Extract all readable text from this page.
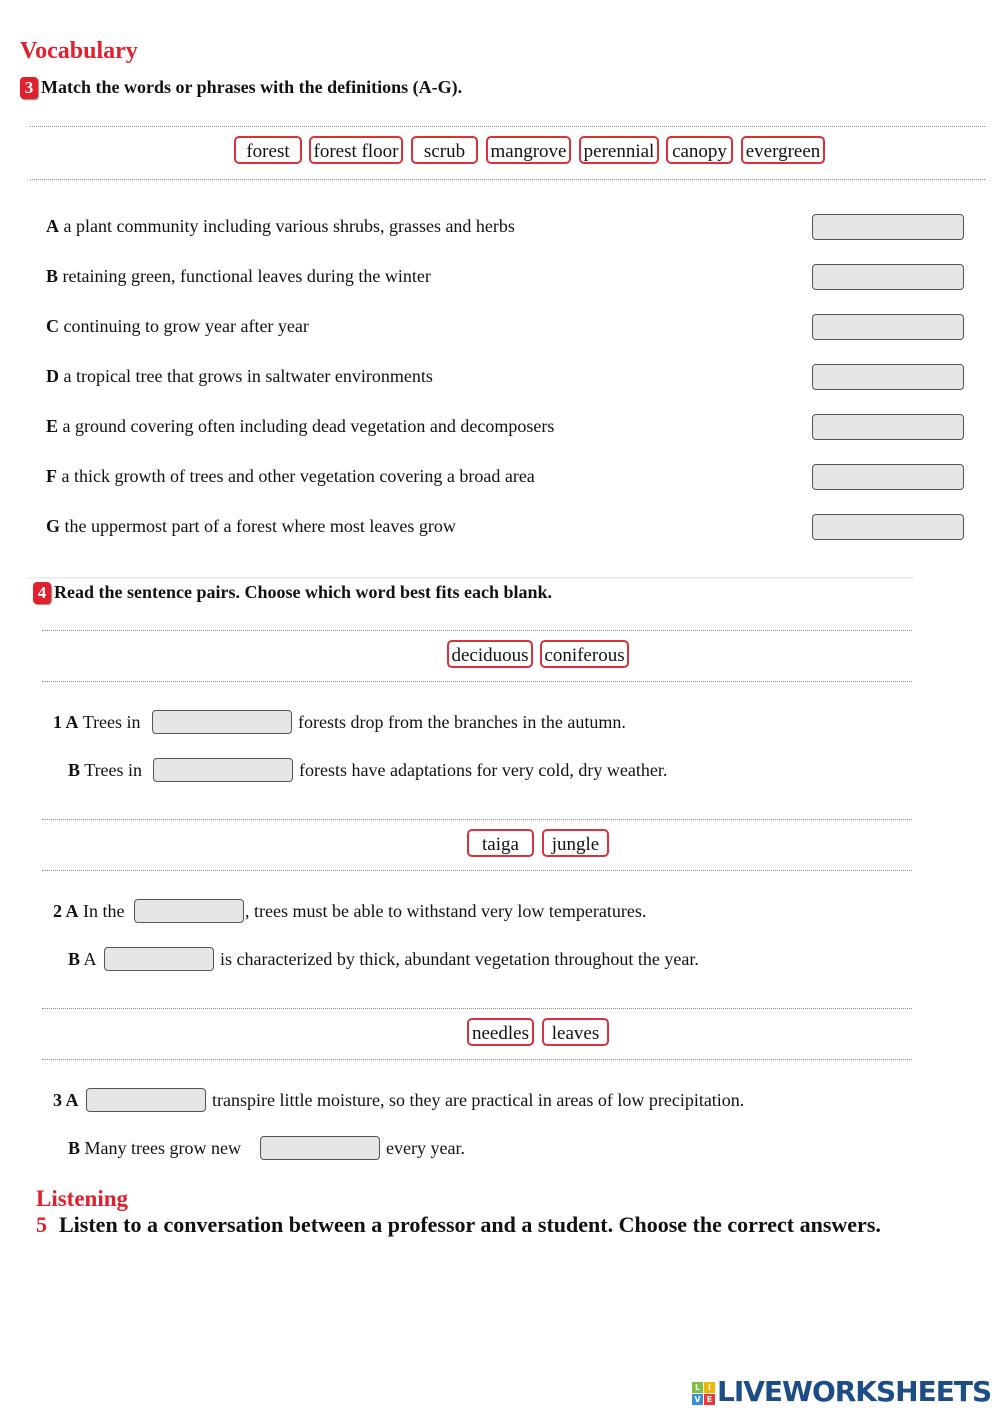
Vocabulary
3 Match the words or phrases with the definitions (A-G).
4 Read the sentence pairs. Choose which word best fits each blank.
Listening
5 Listen to a conversation between a professor and a student. Choose the correct answers.
L I
V E LIVEWORKSHEETS
forest	forest floor	scrub	mangrove perennial canopy evergreen
A a plant community including various shrubs, grasses and herbs
B retaining green, functional leaves during the winter
C continuing to grow year after year
D a tropical tree that grows in saltwater environments
E a ground covering often including dead vegetation and decomposers
F a thick growth of trees and other vegetation covering a broad area
G the uppermost part of a forest where most leaves grow
deciduous coniferous
1 A Trees in	forests drop from the branches in the autumn.
B Trees in	forests have adaptations for very cold, dry weather.
taiga	jungle
2 A In the	, trees must be able to withstand very low temperatures.
B A	is characterized by thick, abundant vegetation throughout the year.
needles	leaves
3 A	transpire little moisture, so they are practical in areas of low precipitation.
B Many trees grow new	every year.
